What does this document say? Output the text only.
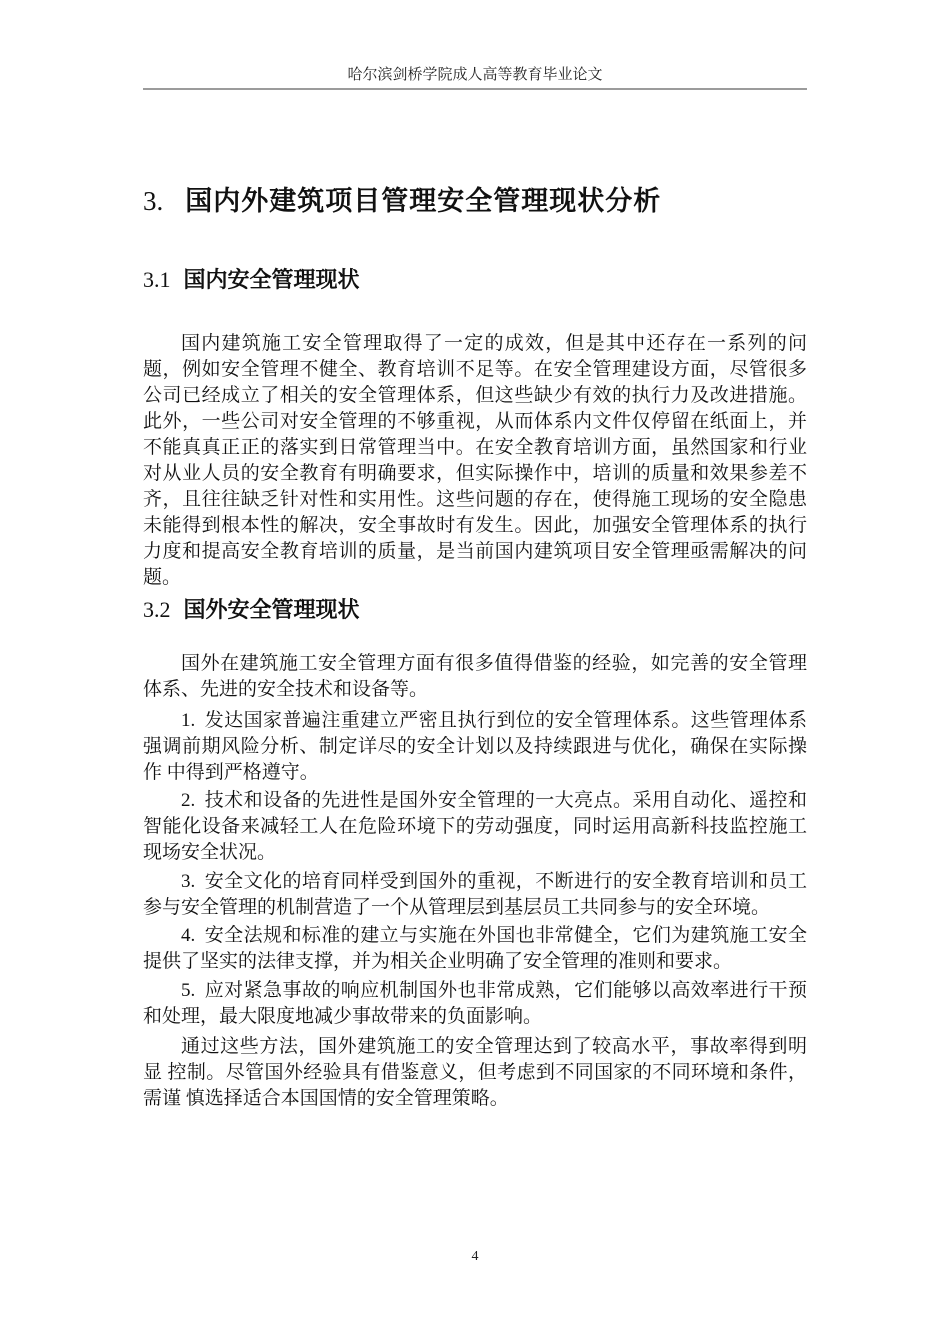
哈尔滨剑桥学院成人高等教育毕业论文
3. 国内外建筑项目管理安全管理现状分析
3.1 国内安全管理现状

国内建筑施工安全管理取得了一定的成效，但是其中还存在一系列的问题，例如安全管理不健全、教育培训不足等。在安全管理建设方面，尽管很多公司已经成立了相关的安全管理体系，但这些缺少有效的执行力及改进措施。此外，一些公司对安全管理的不够重视，从而体系内文件仅停留在纸面上，并不能真真正正的落实到日常管理当中。在安全教育培训方面，虽然国家和行业对从业人员的安全教育有明确要求，但实际操作中，培训的质量和效果参差不齐，且往往缺乏针对性和实用性。这些问题的存在，使得施工现场的安全隐患未能得到根本性的解决，安全事故时有发生。因此，加强安全管理体系的执行力度和提高安全教育培训的质量，是当前国内建筑项目安全管理亟需解决的问题。

3.2 国外安全管理现状

国外在建筑施工安全管理方面有很多值得借鉴的经验，如完善的安全管理体系、先进的安全技术和设备等。

1. 发达国家普遍注重建立严密且执行到位的安全管理体系。这些管理体系强调前期风险分析、制定详尽的安全计划以及持续跟进与优化，确保在实际操作 中得到严格遵守。

2. 技术和设备的先进性是国外安全管理的一大亮点。采用自动化、遥控和智能化设备来减轻工人在危险环境下的劳动强度，同时运用高新科技监控施工现场安全状况。

3. 安全文化的培育同样受到国外的重视，不断进行的安全教育培训和员工参与安全管理的机制营造了一个从管理层到基层员工共同参与的安全环境。

4. 安全法规和标准的建立与实施在外国也非常健全，它们为建筑施工安全提供了坚实的法律支撑，并为相关企业明确了安全管理的准则和要求。

5. 应对紧急事故的响应机制国外也非常成熟，它们能够以高效率进行干预和处理，最大限度地减少事故带来的负面影响。

通过这些方法，国外建筑施工的安全管理达到了较高水平，事故率得到明显 控制。尽管国外经验具有借鉴意义，但考虑到不同国家的不同环境和条件，需谨 慎选择适合本国国情的安全管理策略。

4
